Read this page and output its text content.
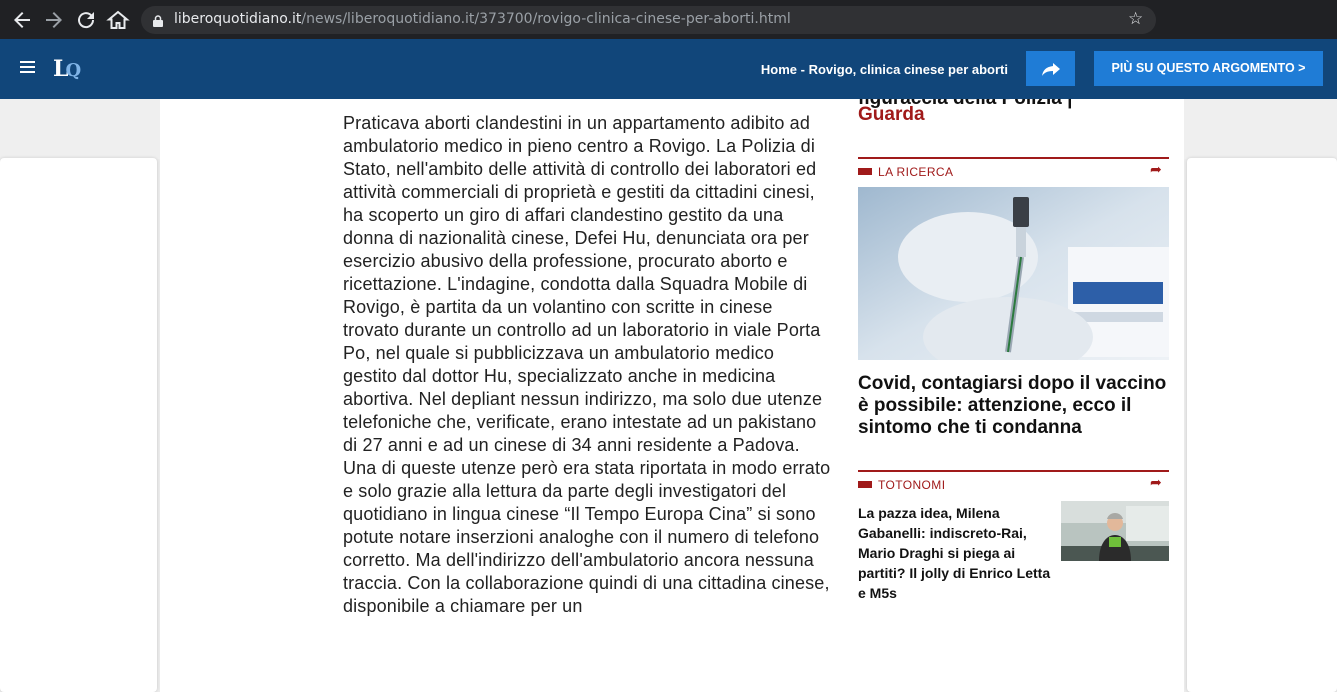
liberoquotidiano.it/news/liberoquotidiano.it/373700/rovigo-clinica-cinese-per-aborti.html	☆
LQ	Home - Rovigo, clinica cinese per aborti	PIÙ SU QUESTO ARGOMENTO >
Praticava aborti clandestini in un appartamento adibito ad ambulatorio medico in pieno centro a Rovigo. La Polizia di Stato, nell'ambito delle attività di controllo dei laboratori ed attività commerciali di proprietà e gestiti da cittadini cinesi, ha scoperto un giro di affari clandestino gestito da una donna di nazionalità cinese, Defei Hu, denunciata ora per esercizio abusivo della professione, procurato aborto e ricettazione. L'indagine, condotta dalla Squadra Mobile di Rovigo, è partita da un volantino con scritte in cinese trovato durante un controllo ad un laboratorio in viale Porta Po, nel quale si pubblicizzava un ambulatorio medico gestito dal dottor Hu, specializzato anche in medicina abortiva. Nel depliant nessun indirizzo, ma solo due utenze telefoniche che, verificate, erano intestate ad un pakistano di 27 anni e ad un cinese di 34 anni residente a Padova. Una di queste utenze però era stata riportata in modo errato e solo grazie alla lettura da parte degli investigatori del quotidiano in lingua cinese “Il Tempo Europa Cina” si sono potute notare inserzioni analoghe con il numero di telefono corretto. Ma dell'indirizzo dell'ambulatorio ancora nessuna traccia. Con la collaborazione quindi di una cittadina cinese, disponibile a chiamare per un
Guarda
LA RICERCA	➦
Covid, contagiarsi dopo il vaccino è possibile: attenzione, ecco il sintomo che ti condanna
TOTONOMI	➦
La pazza idea, Milena Gabanelli: indiscreto-Rai, Mario Draghi si piega ai partiti? Il jolly di Enrico Letta e M5s
